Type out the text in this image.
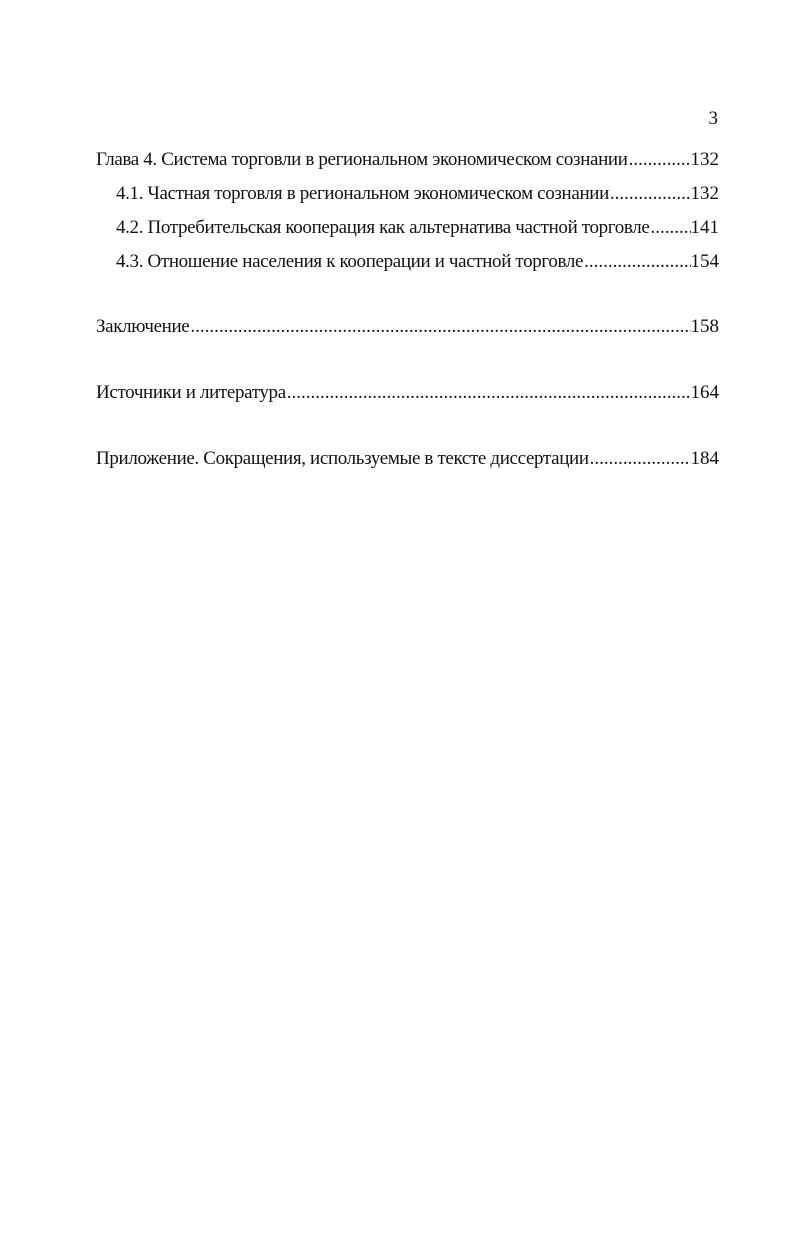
3
Глава 4. Система торговли в региональном экономическом сознании .....	132
4.1. Частная торговля в региональном экономическом сознании .....	132
4.2. Потребительская кооперация как альтернатива частной торговле ..... 141
4.3. Отношение населения к кооперации и частной торговле .....	154
Заключение .....	158
Источники и литература .....	164
Приложение. Сокращения, используемые в тексте диссертации .....	184
